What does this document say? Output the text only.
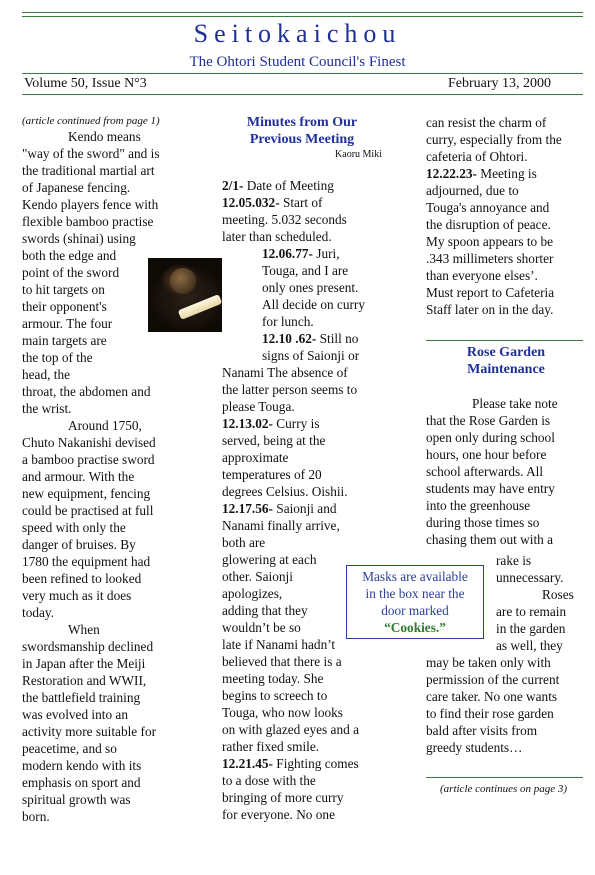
Seitokaichou
The Ohtori Student Council's Finest
Volume 50, Issue N°3	February 13, 2000

(article continued from page 1)

Kendo means
"way of the sword" and is
the traditional martial art
of Japanese fencing.
Kendo players fence with
flexible bamboo practise
swords (shinai) using
both the edge and
point of the sword
to hit targets on
their opponent's
armour. The four
main targets are
the top of the
head, the
throat, the abdomen and
the wrist.
Around 1750,
Chuto Nakanishi devised
a bamboo practise sword
and armour. With the
new equipment, fencing
could be practised at full
speed with only the
danger of bruises. By
1780 the equipment had
been refined to looked
very much as it does
today.
When
swordsmanship declined
in Japan after the Meiji
Restoration and WWII,
the battlefield training
was evolved into an
activity more suitable for
peacetime, and so
modern kendo with its
emphasis on sport and
spiritual growth was
born.
Minutes from Our
Previous Meeting
Kaoru Miki
2/1- Date of Meeting
12.05.032- Start of
meeting. 5.032 seconds
later than scheduled.
12.06.77- Juri,
Touga, and I are
only ones present.
All decide on curry
for lunch.
12.10 .62- Still no
signs of Saionji or
Nanami The absence of
the latter person seems to
please Touga.
12.13.02- Curry is
served, being at the
approximate
temperatures of 20
degrees Celsius. Oishii.
12.17.56- Saionji and
Nanami finally arrive,
both are
glowering at each
other. Saionji
apologizes,
adding that they
wouldn’t be so
late if Nanami hadn’t
believed that there is a
meeting today. She
begins to screech to
Touga, who now looks
on with glazed eyes and a
rather fixed smile.
12.21.45- Fighting comes
to a dose with the
bringing of more curry
for everyone. No one
can resist the charm of
curry, especially from the
cafeteria of Ohtori.
12.22.23- Meeting is
adjourned, due to
Touga's annoyance and
the disruption of peace.
My spoon appears to be
.343 millimeters shorter
than everyone elses’.
Must report to Cafeteria
Staff later on in the day.
Rose Garden
Maintenance
Please take note
that the Rose Garden is
open only during school
hours, one hour before
school afterwards. All
students may have entry
into the greenhouse
during those times so
chasing them out with a
rake is
unnecessary.
Roses
are to remain
in the garden
as well, they
may be taken only with
permission of the current
care taker. No one wants
to find their rose garden
bald after visits from
greedy students…
(article continues on page 3)
Masks are available
in the box near the
door marked
“Cookies.”
